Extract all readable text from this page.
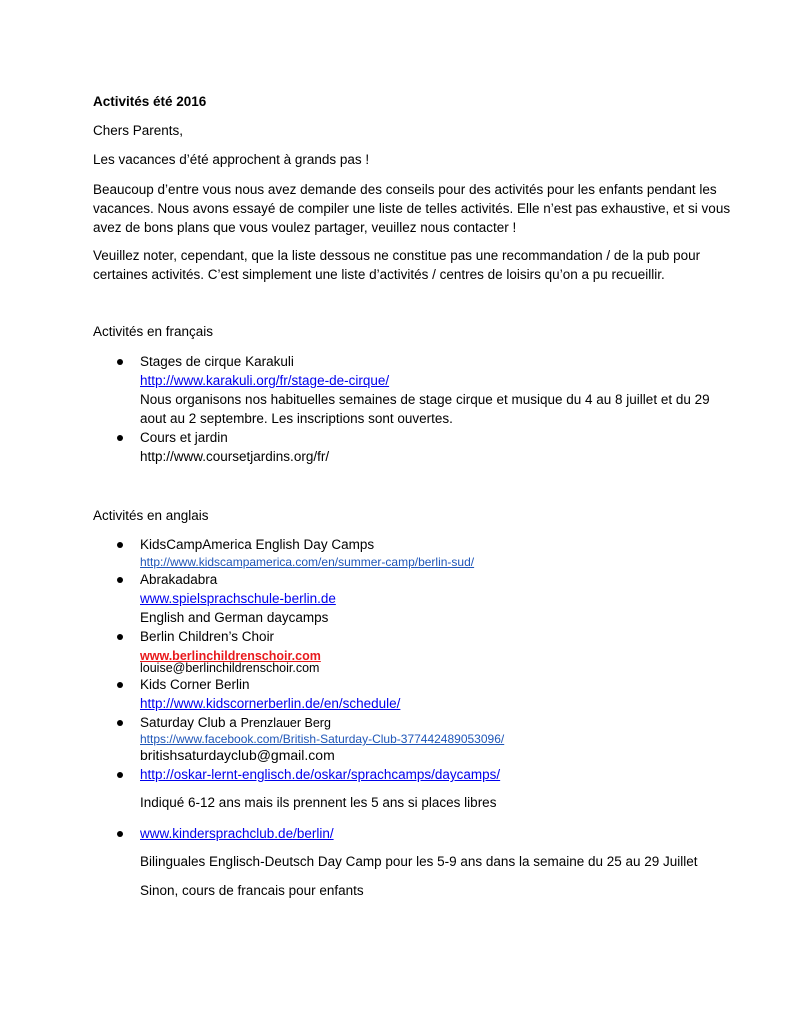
Activités été 2016
Chers Parents,
Les vacances d’été approchent à grands pas !
Beaucoup d’entre vous nous avez demande des conseils pour des activités pour les enfants pendant les
vacances. Nous avons essayé de compiler une liste de telles activités. Elle n’est pas exhaustive, et si vous
avez de bons plans que vous voulez partager, veuillez nous contacter !
Veuillez noter, cependant, que la liste dessous ne constitue pas une recommandation / de la pub pour
certaines activités. C’est simplement une liste d’activités / centres de loisirs qu’on a pu recueillir.
Activités en français
Stages de cirque Karakuli
http://www.karakuli.org/fr/stage-de-cirque/
Nous organisons nos habituelles semaines de stage cirque et musique du 4 au 8 juillet et du 29
aout au 2 septembre. Les inscriptions sont ouvertes.
Cours et jardin
http://www.coursetjardins.org/fr/
Activités en anglais
KidsCampAmerica English Day Camps
http://www.kidscampamerica.com/en/summer-camp/berlin-sud/
Abrakadabra
www.spielsprachschule-berlin.de
English and German daycamps
Berlin Children’s Choir
www.berlinchildrenschoir.com
louise@berlinchildrenschoir.com
Kids Corner Berlin
http://www.kidscornerberlin.de/en/schedule/
Saturday Club a Prenzlauer Berg
https://www.facebook.com/British-Saturday-Club-377442489053096/
britishsaturdayclub@gmail.com
http://oskar-lernt-englisch.de/oskar/sprachcamps/daycamps/
Indiqué 6-12 ans mais ils prennent les 5 ans si places libres
www.kindersprachclub.de/berlin/
Bilinguales Englisch-Deutsch Day Camp pour les 5-9 ans dans la semaine du 25 au 29 Juillet
Sinon, cours de francais pour enfants
